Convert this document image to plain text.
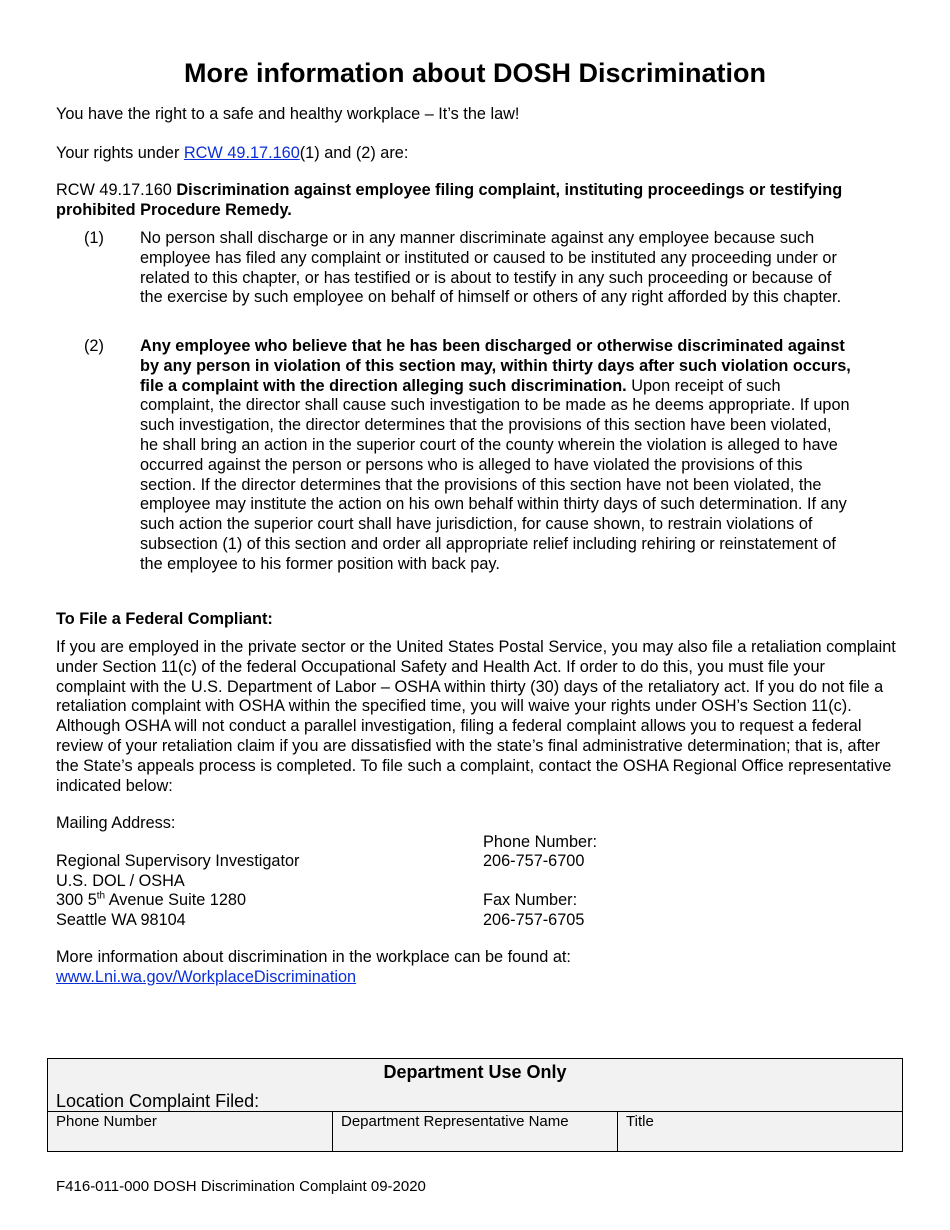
More information about DOSH Discrimination

You have the right to a safe and healthy workplace – It’s the law!

Your rights under RCW 49.17.160(1) and (2) are:

RCW 49.17.160 Discrimination against employee filing complaint, instituting proceedings or testifying prohibited Procedure Remedy.

(1) No person shall discharge or in any manner discriminate against any employee because such employee has filed any complaint or instituted or caused to be instituted any proceeding under or related to this chapter, or has testified or is about to testify in any such proceeding or because of the exercise by such employee on behalf of himself or others of any right afforded by this chapter.

(2) Any employee who believe that he has been discharged or otherwise discriminated against by any person in violation of this section may, within thirty days after such violation occurs, file a complaint with the direction alleging such discrimination. Upon receipt of such complaint, the director shall cause such investigation to be made as he deems appropriate. If upon such investigation, the director determines that the provisions of this section have been violated, he shall bring an action in the superior court of the county wherein the violation is alleged to have occurred against the person or persons who is alleged to have violated the provisions of this section. If the director determines that the provisions of this section have not been violated, the employee may institute the action on his own behalf within thirty days of such determination. If any such action the superior court shall have jurisdiction, for cause shown, to restrain violations of subsection (1) of this section and order all appropriate relief including rehiring or reinstatement of the employee to his former position with back pay.

To File a Federal Compliant:

If you are employed in the private sector or the United States Postal Service, you may also file a retaliation complaint under Section 11(c) of the federal Occupational Safety and Health Act. If order to do this, you must file your complaint with the U.S. Department of Labor – OSHA within thirty (30) days of the retaliatory act. If you do not file a retaliation complaint with OSHA within the specified time, you will waive your rights under OSH’s Section 11(c). Although OSHA will not conduct a parallel investigation, filing a federal complaint allows you to request a federal review of your retaliation claim if you are dissatisfied with the state’s final administrative determination; that is, after the State’s appeals process is completed. To file such a complaint, contact the OSHA Regional Office representative indicated below:

Mailing Address:
Regional Supervisory Investigator
U.S. DOL / OSHA
300 5th Avenue Suite 1280
Seattle WA 98104
Phone Number:
206-757-6700
Fax Number:
206-757-6705
More information about discrimination in the workplace can be found at:
www.Lni.wa.gov/WorkplaceDiscrimination
Department Use Only
Location Complaint Filed:
Phone Number	Department Representative Name	Title
F416-011-000 DOSH Discrimination Complaint 09-2020
